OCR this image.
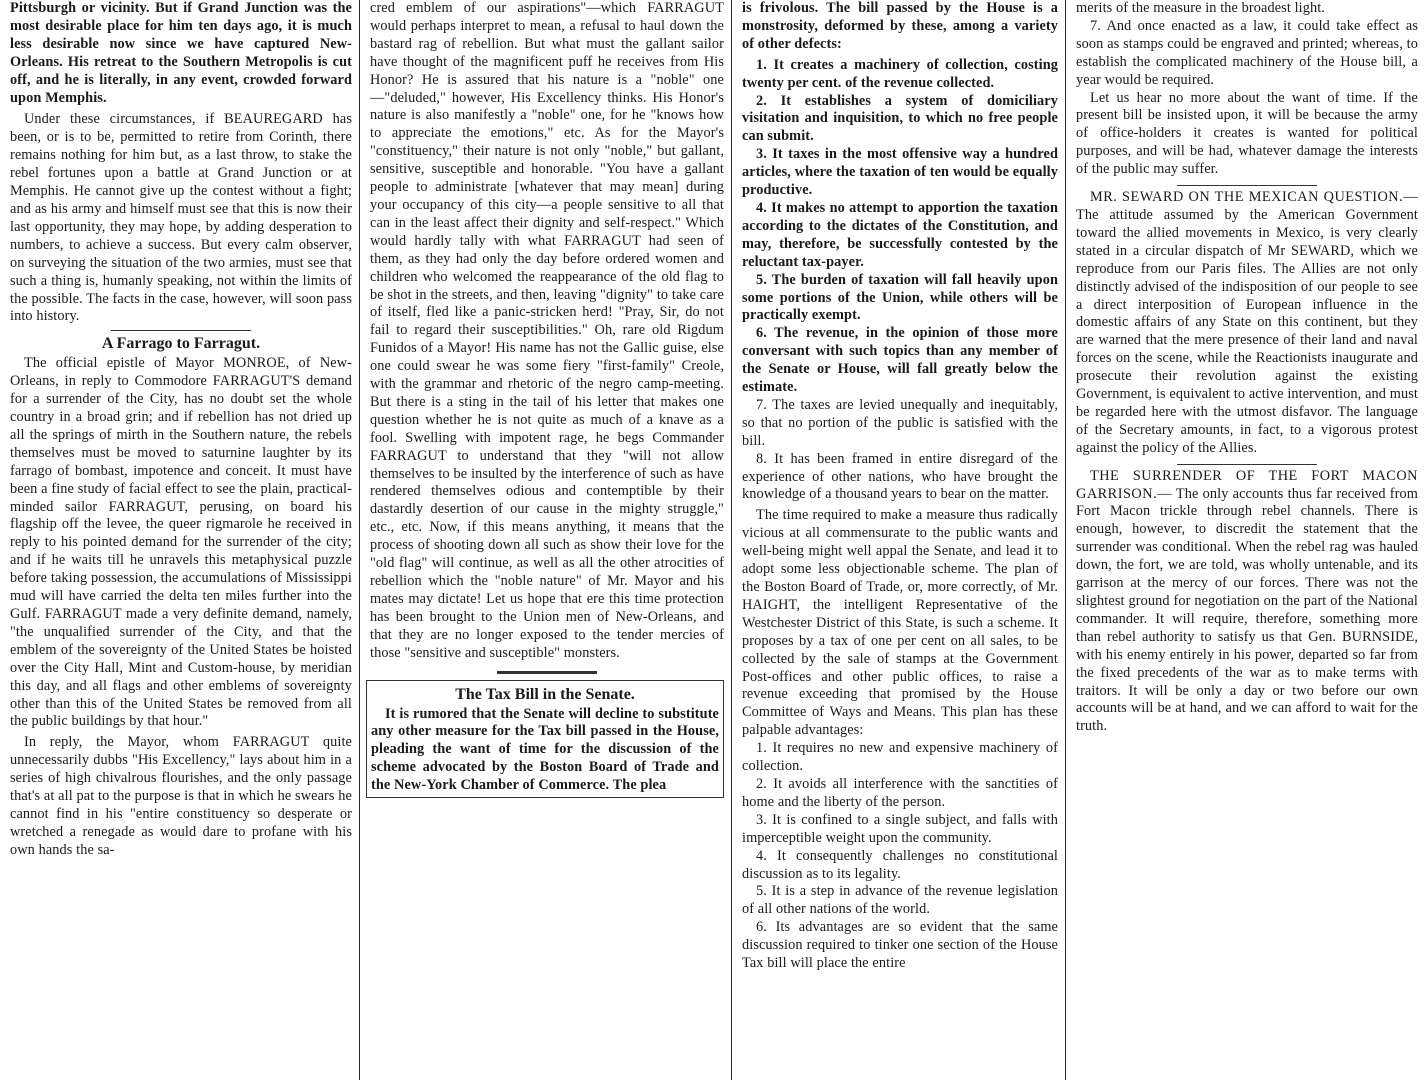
Pittsburgh or vicinity. But if Grand Junction was the most desirable place for him ten days ago, it is much less desirable now since we have captured New-Orleans. His retreat to the Southern Metropolis is cut off, and he is literally, in any event, crowded forward upon Memphis.

Under these circumstances, if BEAUREGARD has been, or is to be, permitted to retire from Corinth, there remains nothing for him but, as a last throw, to stake the rebel fortunes upon a battle at Grand Junction or at Memphis. He cannot give up the contest without a fight; and as his army and himself must see that this is now their last opportunity, they may hope, by adding desperation to numbers, to achieve a success. But every calm observer, on surveying the situation of the two armies, must see that such a thing is, humanly speaking, not within the limits of the possible. The facts in the case, however, will soon pass into history.

A Farrago to Farragut.

The official epistle of Mayor MONROE, of New-Orleans, in reply to Commodore FARRAGUT'S demand for a surrender of the City, has no doubt set the whole country in a broad grin; and if rebellion has not dried up all the springs of mirth in the Southern nature, the rebels themselves must be moved to saturnine laughter by its farrago of bombast, impotence and conceit. It must have been a fine study of facial effect to see the plain, practical-minded sailor FARRAGUT, perusing, on board his flagship off the levee, the queer rigmarole he received in reply to his pointed demand for the surrender of the city; and if he waits till he unravels this metaphysical puzzle before taking possession, the accumulations of Mississippi mud will have carried the delta ten miles further into the Gulf. FARRAGUT made a very definite demand, namely, "the unqualified surrender of the City, and that the emblem of the sovereignty of the United States be hoisted over the City Hall, Mint and Custom-house, by meridian this day, and all flags and other emblems of sovereignty other than this of the United States be removed from all the public buildings by that hour."

In reply, the Mayor, whom FARRAGUT quite unnecessarily dubbs "His Excellency," lays about him in a series of high chivalrous flourishes, and the only passage that's at all pat to the purpose is that in which he swears he cannot find in his "entire constituency so desperate or wretched a renegade as would dare to profane with his own hands the sa-

cred emblem of our aspirations"—which FARRAGUT would perhaps interpret to mean, a refusal to haul down the bastard rag of rebellion. But what must the gallant sailor have thought of the magnificent puff he receives from His Honor? He is assured that his nature is a "noble" one—"deluded," however, His Excellency thinks. His Honor's nature is also manifestly a "noble" one, for he "knows how to appreciate the emotions," etc. As for the Mayor's "constituency," their nature is not only "noble," but gallant, sensitive, susceptible and honorable. "You have a gallant people to administrate [whatever that may mean] during your occupancy of this city—a people sensitive to all that can in the least affect their dignity and self-respect." Which would hardly tally with what FARRAGUT had seen of them, as they had only the day before ordered women and children who welcomed the reappearance of the old flag to be shot in the streets, and then, leaving "dignity" to take care of itself, fled like a panic-stricken herd! "Pray, Sir, do not fail to regard their susceptibilities." Oh, rare old Rigdum Funidos of a Mayor! His name has not the Gallic guise, else one could swear he was some fiery "first-family" Creole, with the grammar and rhetoric of the negro camp-meeting. But there is a sting in the tail of his letter that makes one question whether he is not quite as much of a knave as a fool. Swelling with impotent rage, he begs Commander FARRAGUT to understand that they "will not allow themselves to be insulted by the interference of such as have rendered themselves odious and contemptible by their dastardly desertion of our cause in the mighty struggle," etc., etc. Now, if this means anything, it means that the process of shooting down all such as show their love for the "old flag" will continue, as well as all the other atrocities of rebellion which the "noble nature" of Mr. Mayor and his mates may dictate! Let us hope that ere this time protection has been brought to the Union men of New-Orleans, and that they are no longer exposed to the tender mercies of those "sensitive and susceptible" monsters.

The Tax Bill in the Senate.

It is rumored that the Senate will decline to substitute any other measure for the Tax bill passed in the House, pleading the want of time for the discussion of the scheme advocated by the Boston Board of Trade and the New-York Chamber of Commerce. The plea

is frivolous. The bill passed by the House is a monstrosity, deformed by these, among a variety of other defects:

1. It creates a machinery of collection, costing twenty per cent. of the revenue collected.

2. It establishes a system of domiciliary visitation and inquisition, to which no free people can submit.

3. It taxes in the most offensive way a hundred articles, where the taxation of ten would be equally productive.

4. It makes no attempt to apportion the taxation according to the dictates of the Constitution, and may, therefore, be successfully contested by the reluctant tax-payer.

5. The burden of taxation will fall heavily upon some portions of the Union, while others will be practically exempt.

6. The revenue, in the opinion of those more conversant with such topics than any member of the Senate or House, will fall greatly below the estimate.

7. The taxes are levied unequally and inequitably, so that no portion of the public is satisfied with the bill.

8. It has been framed in entire disregard of the experience of other nations, who have brought the knowledge of a thousand years to bear on the matter.

The time required to make a measure thus radically vicious at all commensurate to the public wants and well-being might well appal the Senate, and lead it to adopt some less objectionable scheme. The plan of the Boston Board of Trade, or, more correctly, of Mr. HAIGHT, the intelligent Representative of the Westchester District of this State, is such a scheme. It proposes by a tax of one per cent on all sales, to be collected by the sale of stamps at the Government Post-offices and other public offices, to raise a revenue exceeding that promised by the House Committee of Ways and Means. This plan has these palpable advantages:

1. It requires no new and expensive machinery of collection.

2. It avoids all interference with the sanctities of home and the liberty of the person.

3. It is confined to a single subject, and falls with imperceptible weight upon the community.

4. It consequently challenges no constitutional discussion as to its legality.

5. It is a step in advance of the revenue legislation of all other nations of the world.

6. Its advantages are so evident that the same discussion required to tinker one section of the House Tax bill will place the entire

merits of the measure in the broadest light.

7. And once enacted as a law, it could take effect as soon as stamps could be engraved and printed; whereas, to establish the complicated machinery of the House bill, a year would be required.

Let us hear no more about the want of time. If the present bill be insisted upon, it will be because the army of office-holders it creates is wanted for political purposes, and will be had, whatever damage the interests of the public may suffer.

MR. SEWARD ON THE MEXICAN QUESTION.— The attitude assumed by the American Government toward the allied movements in Mexico, is very clearly stated in a circular dispatch of Mr SEWARD, which we reproduce from our Paris files. The Allies are not only distinctly advised of the indisposition of our people to see a direct interposition of European influence in the domestic affairs of any State on this continent, but they are warned that the mere presence of their land and naval forces on the scene, while the Reactionists inaugurate and prosecute their revolution against the existing Government, is equivalent to active intervention, and must be regarded here with the utmost disfavor. The language of the Secretary amounts, in fact, to a vigorous protest against the policy of the Allies.

THE SURRENDER OF THE FORT MACON GARRISON.— The only accounts thus far received from Fort Macon trickle through rebel channels. There is enough, however, to discredit the statement that the surrender was conditional. When the rebel rag was hauled down, the fort, we are told, was wholly untenable, and its garrison at the mercy of our forces. There was not the slightest ground for negotiation on the part of the National commander. It will require, therefore, something more than rebel authority to satisfy us that Gen. BURNSIDE, with his enemy entirely in his power, departed so far from the fixed precedents of the war as to make terms with traitors. It will be only a day or two before our own accounts will be at hand, and we can afford to wait for the truth.
